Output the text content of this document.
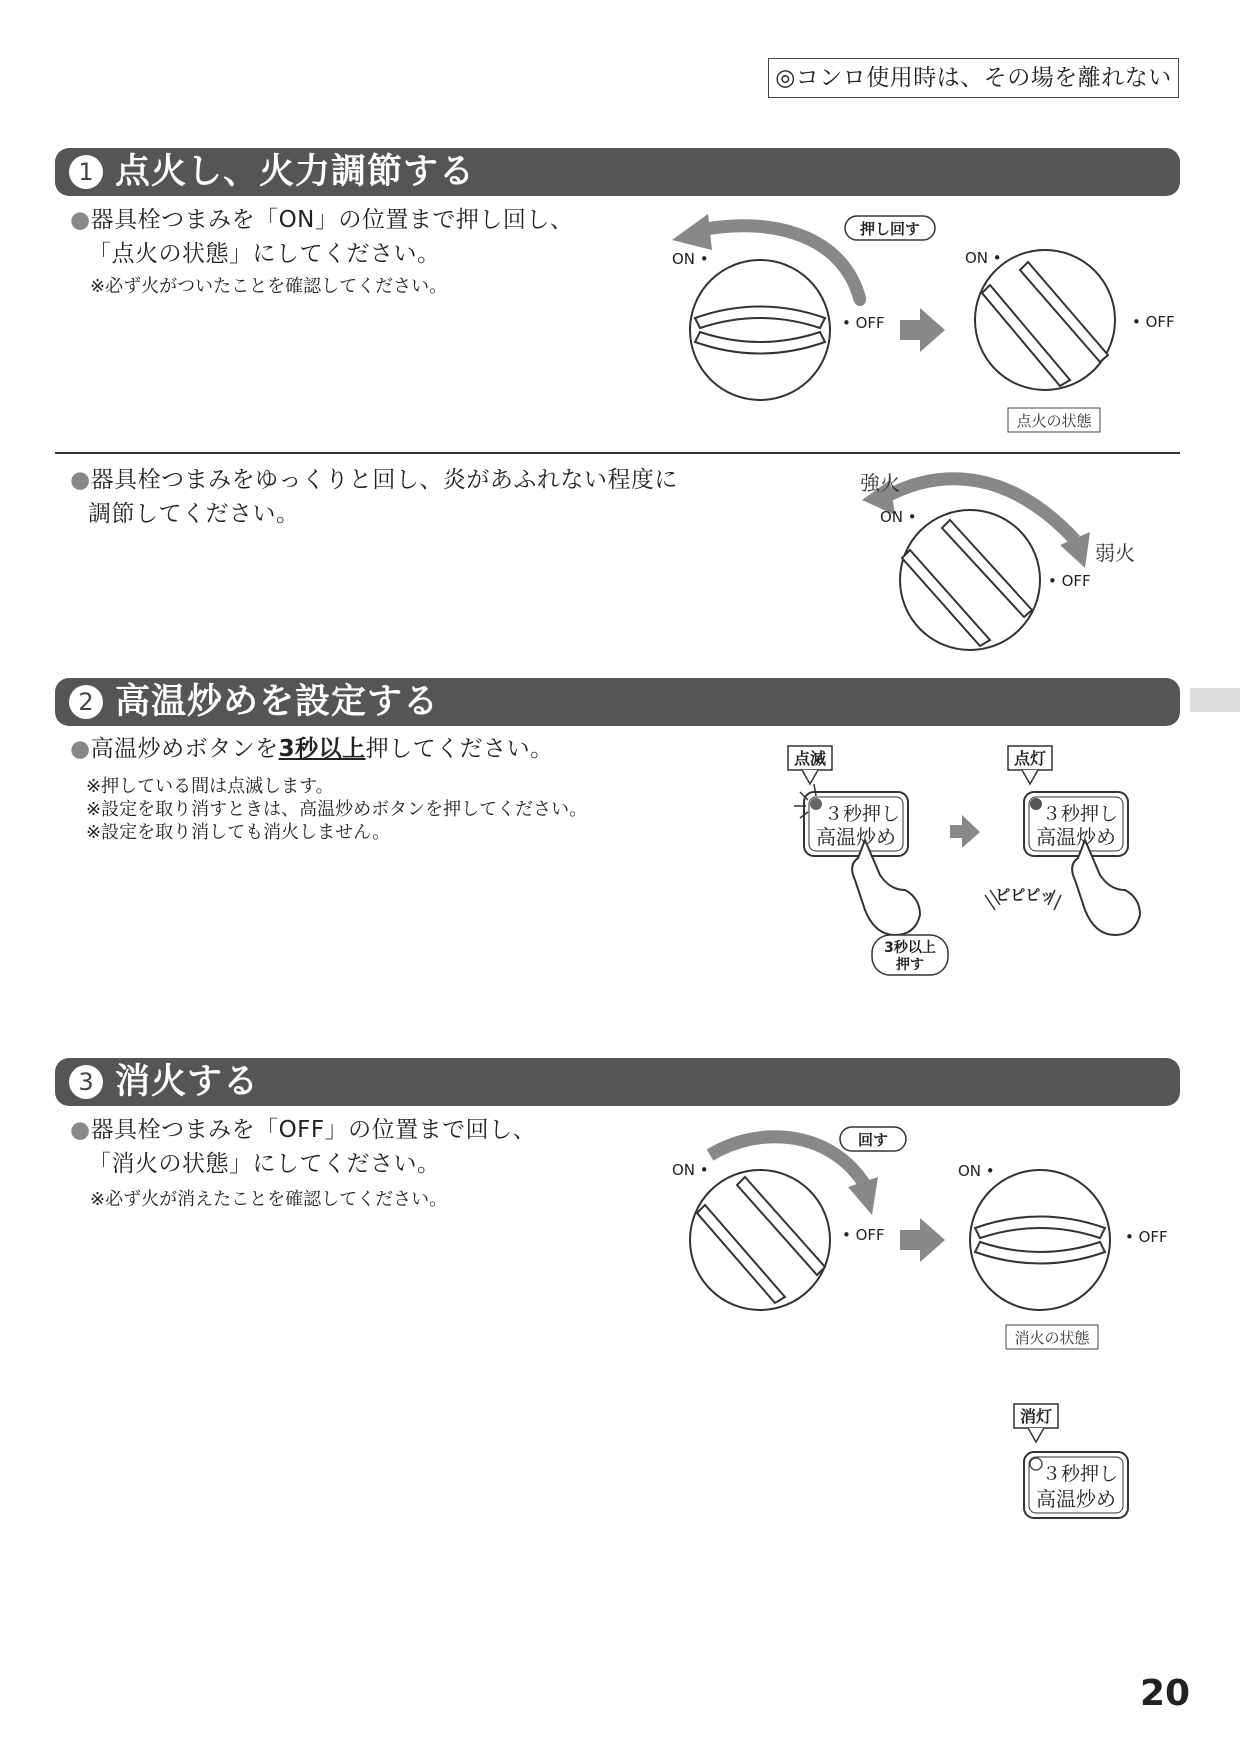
◎コンロ使用時は、その場を離れない
1 点火し、火力調節する
●器具栓つまみを「ON」の位置まで押し回し、
「点火の状態」にしてください。
※必ず火がついたことを確認してください。
押し回す
ON •
• OFF
ON •
• OFF
点火の状態
●器具栓つまみをゆっくりと回し、炎があふれない程度に
調節してください。
強火
弱火
ON •
• OFF
2 高温炒めを設定する
●高温炒めボタンを3秒以上押してください。
※押している間は点滅します。
※設定を取り消すときは、高温炒めボタンを押してください。
※設定を取り消しても消火しません。
点滅
３秒押し
高温炒め
3秒以上
押す
点灯
３秒押し
高温炒め
ピピピッ
3 消火する
●器具栓つまみを「OFF」の位置まで回し、
「消火の状態」にしてください。
※必ず火が消えたことを確認してください。
回す
ON •
• OFF
ON •
• OFF
消火の状態
消灯
３秒押し
高温炒め
20
